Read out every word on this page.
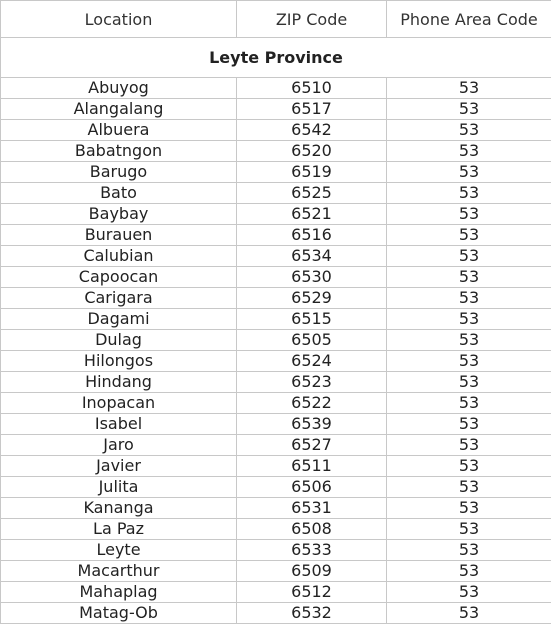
Location	ZIP Code	Phone Area Code
Leyte Province		
Abuyog	6510	53
Alangalang	6517	53
Albuera	6542	53
Babatngon	6520	53
Barugo	6519	53
Bato	6525	53
Baybay	6521	53
Burauen	6516	53
Calubian	6534	53
Capoocan	6530	53
Carigara	6529	53
Dagami	6515	53
Dulag	6505	53
Hilongos	6524	53
Hindang	6523	53
Inopacan	6522	53
Isabel	6539	53
Jaro	6527	53
Javier	6511	53
Julita	6506	53
Kananga	6531	53
La Paz	6508	53
Leyte	6533	53
Macarthur	6509	53
Mahaplag	6512	53
Matag-Ob	6532	53
